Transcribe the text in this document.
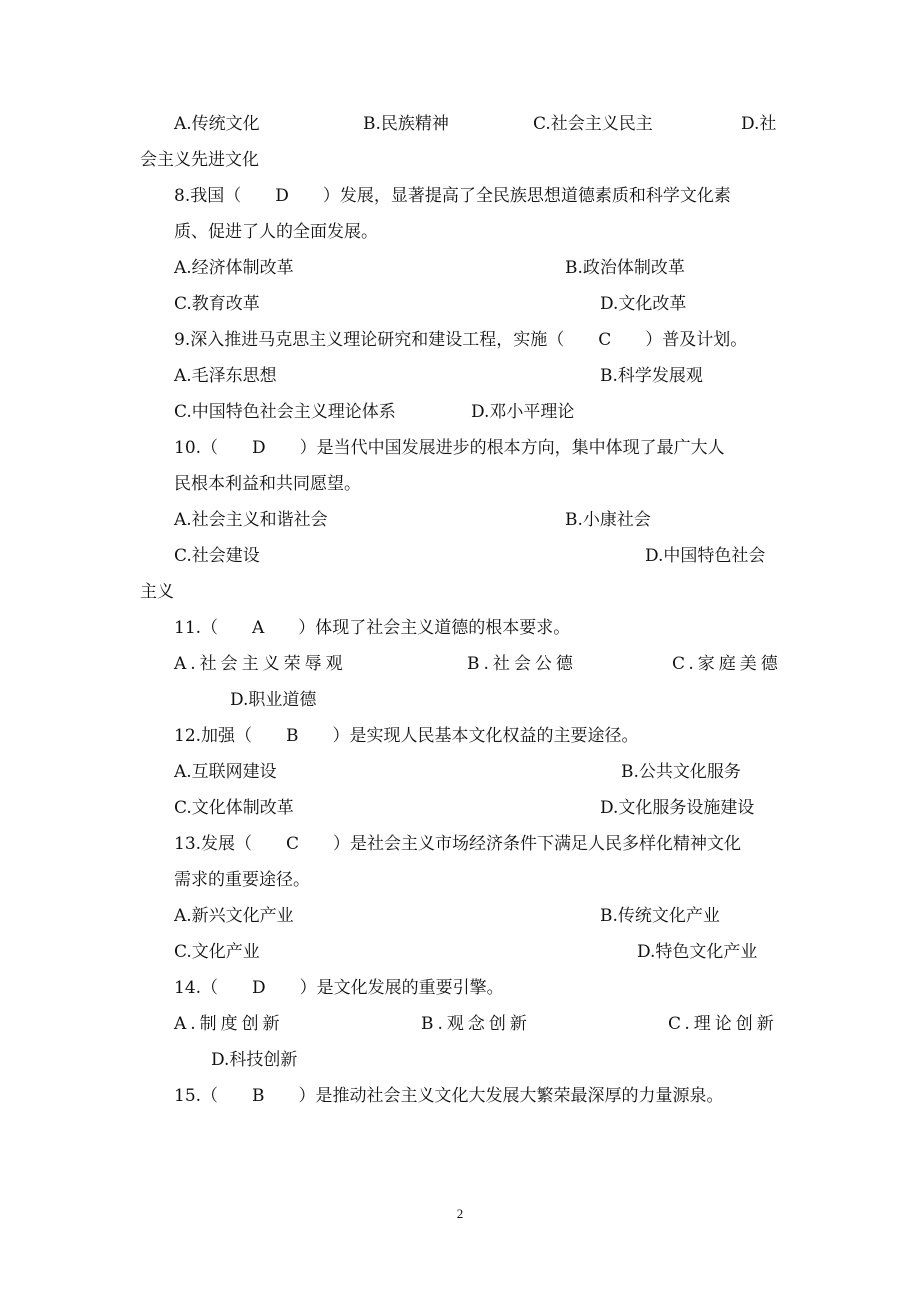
A.传统文化	B.民族精神	C.社会主义民主	D.社
会主义先进文化
8.我国（　　D　　）发展，显著提高了全民族思想道德素质和科学文化素
质、促进了人的全面发展。
A.经济体制改革	B.政治体制改革
C.教育改革	D.文化改革
9.深入推进马克思主义理论研究和建设工程，实施（　　C　　）普及计划。
A.毛泽东思想	B.科学发展观
C.中国特色社会主义理论体系	D.邓小平理论
10.（　　D　　）是当代中国发展进步的根本方向，集中体现了最广大人
民根本利益和共同愿望。
A.社会主义和谐社会	B.小康社会
C.社会建设	D.中国特色社会
主义
11.（　　A　　）体现了社会主义道德的根本要求。
A.社会主义荣辱观	B.社会公德	C.家庭美德
D.职业道德
12.加强（　　B　　）是实现人民基本文化权益的主要途径。
A.互联网建设	B.公共文化服务
C.文化体制改革	D.文化服务设施建设
13.发展（　　C　　）是社会主义市场经济条件下满足人民多样化精神文化
需求的重要途径。
A.新兴文化产业	B.传统文化产业
C.文化产业	D.特色文化产业
14.（　　D　　）是文化发展的重要引擎。
A.制度创新	B.观念创新	C.理论创新
D.科技创新
15.（　　B　　）是推动社会主义文化大发展大繁荣最深厚的力量源泉。
2
